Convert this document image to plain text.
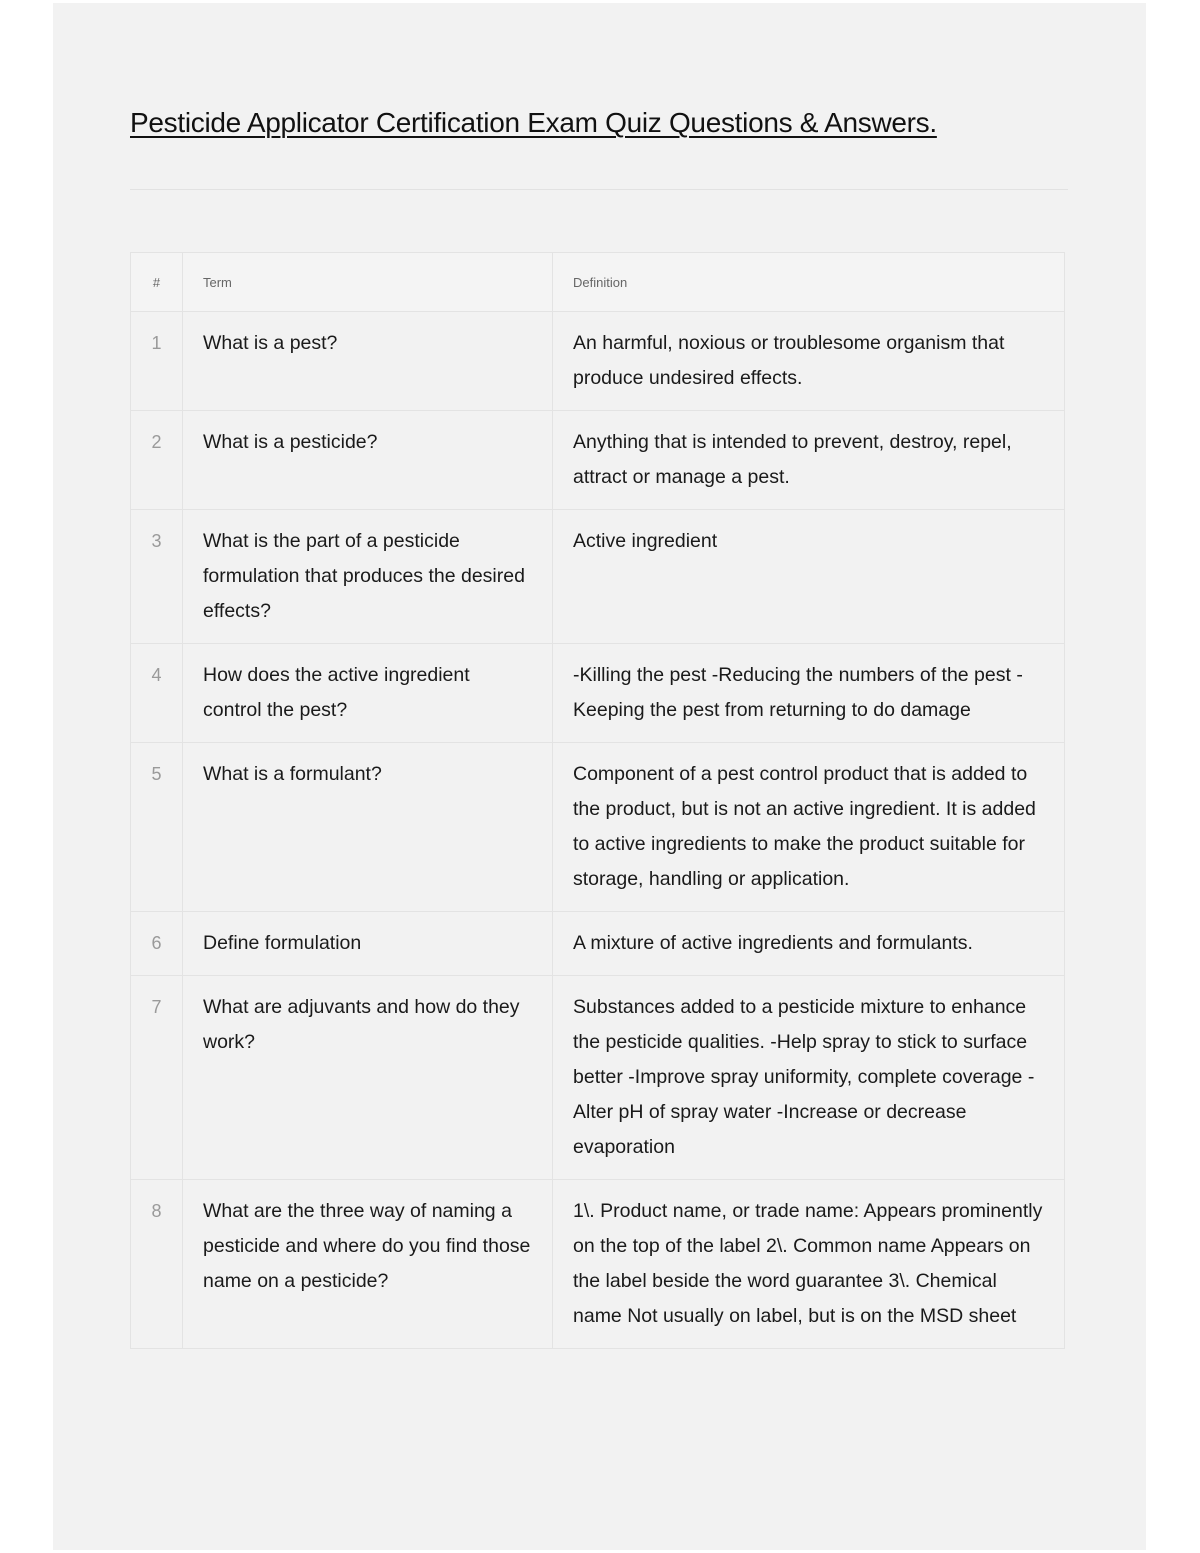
Pesticide Applicator Certification Exam Quiz Questions & Answers.
#	Term	Definition
1	What is a pest?	An harmful, noxious or troublesome organism that produce undesired effects.
2	What is a pesticide?	Anything that is intended to prevent, destroy, repel, attract or manage a pest.
3	What is the part of a pesticide formulation that produces the desired effects?	Active ingredient
4	How does the active ingredient control the pest?	-Killing the pest -Reducing the numbers of the pest -Keeping the pest from returning to do damage
5	What is a formulant?	Component of a pest control product that is added to the product, but is not an active ingredient. It is added to active ingredients to make the product suitable for storage, handling or application.
6	Define formulation	A mixture of active ingredients and formulants.
7	What are adjuvants and how do they work?	Substances added to a pesticide mixture to enhance the pesticide qualities. -Help spray to stick to surface better -Improve spray uniformity, complete coverage -Alter pH of spray water -Increase or decrease evaporation
8	What are the three way of naming a pesticide and where do you find those name on a pesticide?	1\. Product name, or trade name: Appears prominently on the top of the label 2\. Common name Appears on the label beside the word guarantee 3\. Chemical name Not usually on label, but is on the MSD sheet
